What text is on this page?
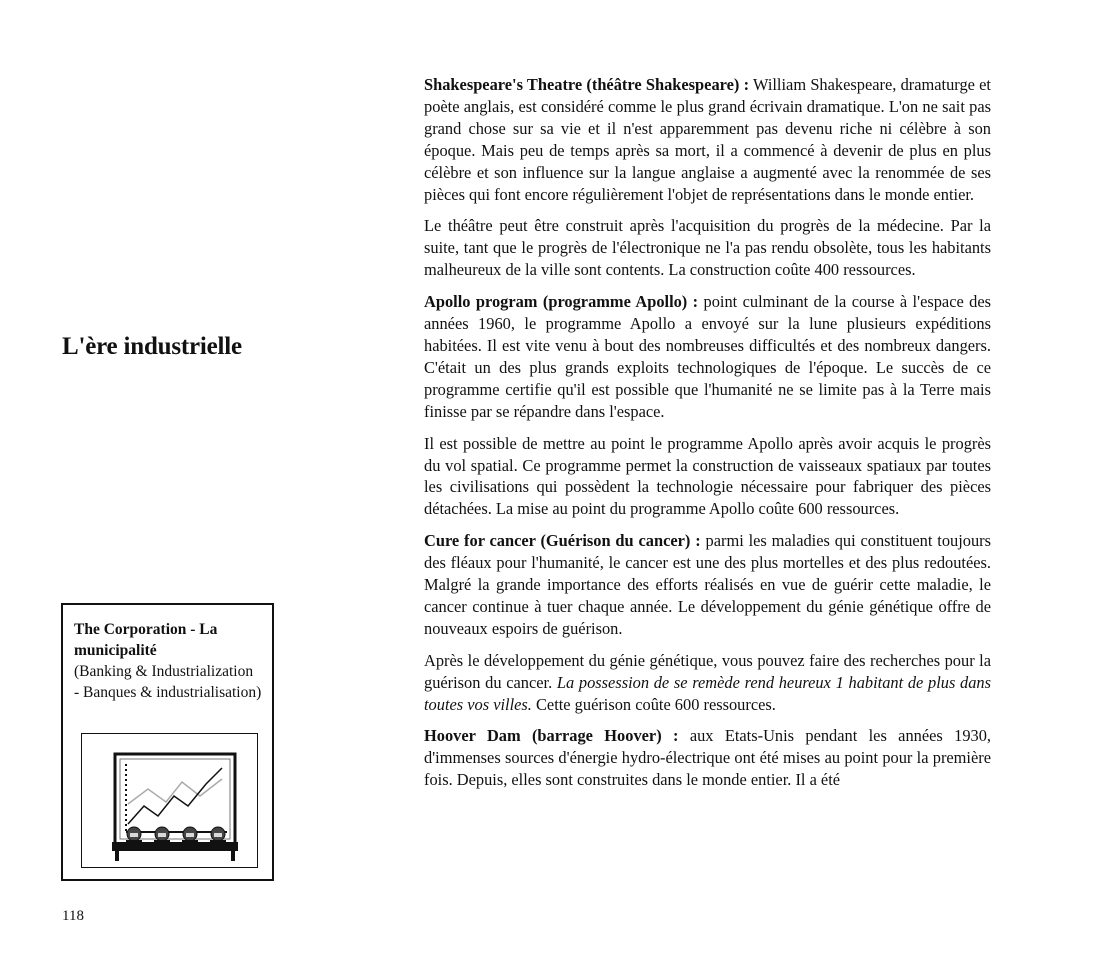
L'ère industrielle
The Corporation - La municipalité
(Banking & Industrialization - Banques & industrialisation)
118

Shakespeare's Theatre (théâtre Shakespeare) : William Shakespeare, dramaturge et poète anglais, est considéré comme le plus grand écrivain dramatique. L'on ne sait pas grand chose sur sa vie et il n'est apparemment pas devenu riche ni célèbre à son époque. Mais peu de temps après sa mort, il a commencé à devenir de plus en plus célèbre et son influence sur la langue anglaise a augmenté avec la renommée de ses pièces qui font encore régulièrement l'objet de représentations dans le monde entier.

Le théâtre peut être construit après l'acquisition du progrès de la médecine. Par la suite, tant que le progrès de l'électronique ne l'a pas rendu obsolète, tous les habitants malheureux de la ville sont contents. La construction coûte 400 ressources.

Apollo program (programme Apollo) : point culminant de la course à l'espace des années 1960, le programme Apollo a envoyé sur la lune plusieurs expéditions habitées. Il est vite venu à bout des nombreuses difficultés et des nombreux dangers. C'était un des plus grands exploits technologiques de l'époque. Le succès de ce programme certifie qu'il est possible que l'humanité ne se limite pas à la Terre mais finisse par se répandre dans l'espace.

Il est possible de mettre au point le programme Apollo après avoir acquis le progrès du vol spatial. Ce programme permet la construction de vaisseaux spatiaux par toutes les civilisations qui possèdent la technologie nécessaire pour fabriquer des pièces détachées. La mise au point du programme Apollo coûte 600 ressources.

Cure for cancer (Guérison du cancer) : parmi les maladies qui constituent toujours des fléaux pour l'humanité, le cancer est une des plus mortelles et des plus redoutées. Malgré la grande importance des efforts réalisés en vue de guérir cette maladie, le cancer continue à tuer chaque année. Le développement du génie génétique offre de nouveaux espoirs de guérison.

Après le développement du génie génétique, vous pouvez faire des recherches pour la guérison du cancer. La possession de se remède rend heureux 1 habitant de plus dans toutes vos villes. Cette guérison coûte 600 ressources.

Hoover Dam (barrage Hoover) : aux Etats-Unis pendant les années 1930, d'immenses sources d'énergie hydro-électrique ont été mises au point pour la première fois. Depuis, elles sont construites dans le monde entier. Il a été
